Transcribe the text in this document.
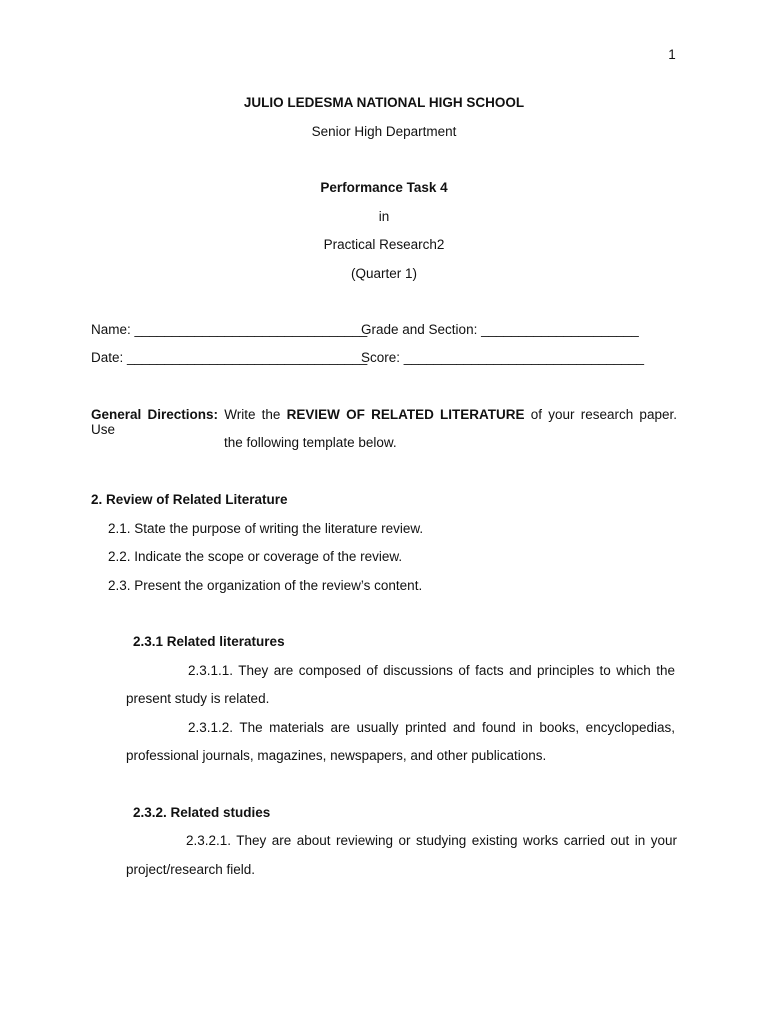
1
JULIO LEDESMA NATIONAL HIGH SCHOOL
Senior High Department
Performance Task 4
in
Practical Research2
(Quarter 1)
Name: _______________________________
Grade and Section: _____________________
Date: ________________________________
Score: ________________________________
General Directions: Write the REVIEW OF RELATED LITERATURE of your research paper. Use
the following template below.
2. Review of Related Literature
2.1. State the purpose of writing the literature review.
2.2. Indicate the scope or coverage of the review.
2.3. Present the organization of the review’s content.
2.3.1 Related literatures
2.3.1.1. They are composed of discussions of facts and principles to which the
present study is related.
2.3.1.2. The materials are usually printed and found in books, encyclopedias,
professional journals, magazines, newspapers, and other publications.
2.3.2. Related studies
2.3.2.1. They are about reviewing or studying existing works carried out in your
project/research field.
